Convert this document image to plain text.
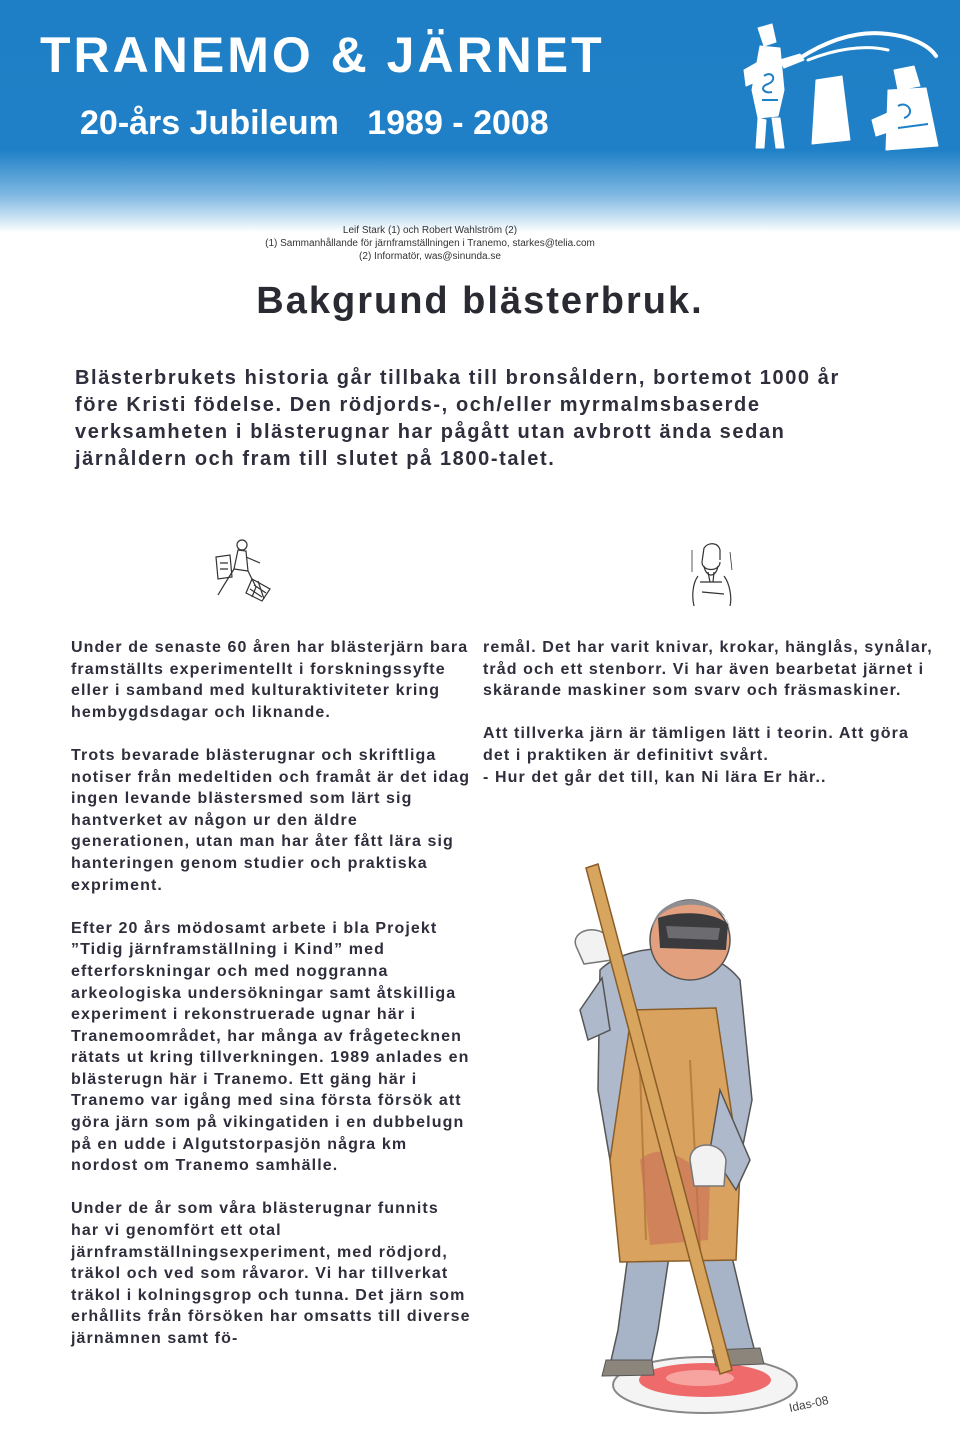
TRANEMO & JÄRNET
20-års Jubileum   1989 - 2008
Leif Stark (1) och Robert Wahlström (2)
(1) Sammanhållande för järnframställningen i Tranemo, starkes@telia.com
(2) Informatör, was@sinunda.se
Bakgrund blästerbruk.

Blästerbrukets historia går tillbaka till bronsåldern, bortemot 1000 år före Kristi födelse. Den rödjords-, och/eller myrmalmsbaserde verksamheten i blästerugnar har pågått utan avbrott ända sedan järnåldern och fram till slutet på 1800-talet.

Under de senaste 60 åren har blästerjärn bara framställts experimentellt i forskningssyfte eller i samband med kulturaktiviteter kring hembygdsdagar och liknande.

Trots bevarade blästerugnar och skriftliga notiser från medeltiden och framåt är det idag ingen levande blästersmed som lärt sig hantverket av någon ur den äldre generationen, utan man har åter fått lära sig hanteringen genom studier och praktiska expriment.

Efter 20 års mödosamt arbete i bla Projekt ”Tidig järnframställning i Kind” med efterforskningar och med noggranna arkeologiska undersökningar samt åtskilliga experiment i rekonstruerade ugnar här i Tranemoområdet, har många av frågetecknen rätats ut kring tillverkningen. 1989 anlades en blästerugn här i Tranemo. Ett gäng här i Tranemo var igång med sina första försök att göra järn som på vikingatiden i en dubbelugn på en udde i Algutstorpasjön några km nordost om Tranemo samhälle.

Under de år som våra blästerugnar funnits har vi genomfört ett otal järnframställningsexperiment, med rödjord, träkol och ved som råvaror. Vi har tillverkat träkol i kolningsgrop och tunna. Det järn som erhållits från försöken har omsatts till diverse järnämnen samt fö-

remål. Det har varit knivar, krokar, hänglås, synålar, tråd och ett stenborr. Vi har även bearbetat järnet i skärande maskiner som svarv och fräsmaskiner.

Att tillverka järn är tämligen lätt i teorin. Att göra det i praktiken är definitivt svårt.
- Hur det går det till, kan Ni lära Er här..

Idas-08
